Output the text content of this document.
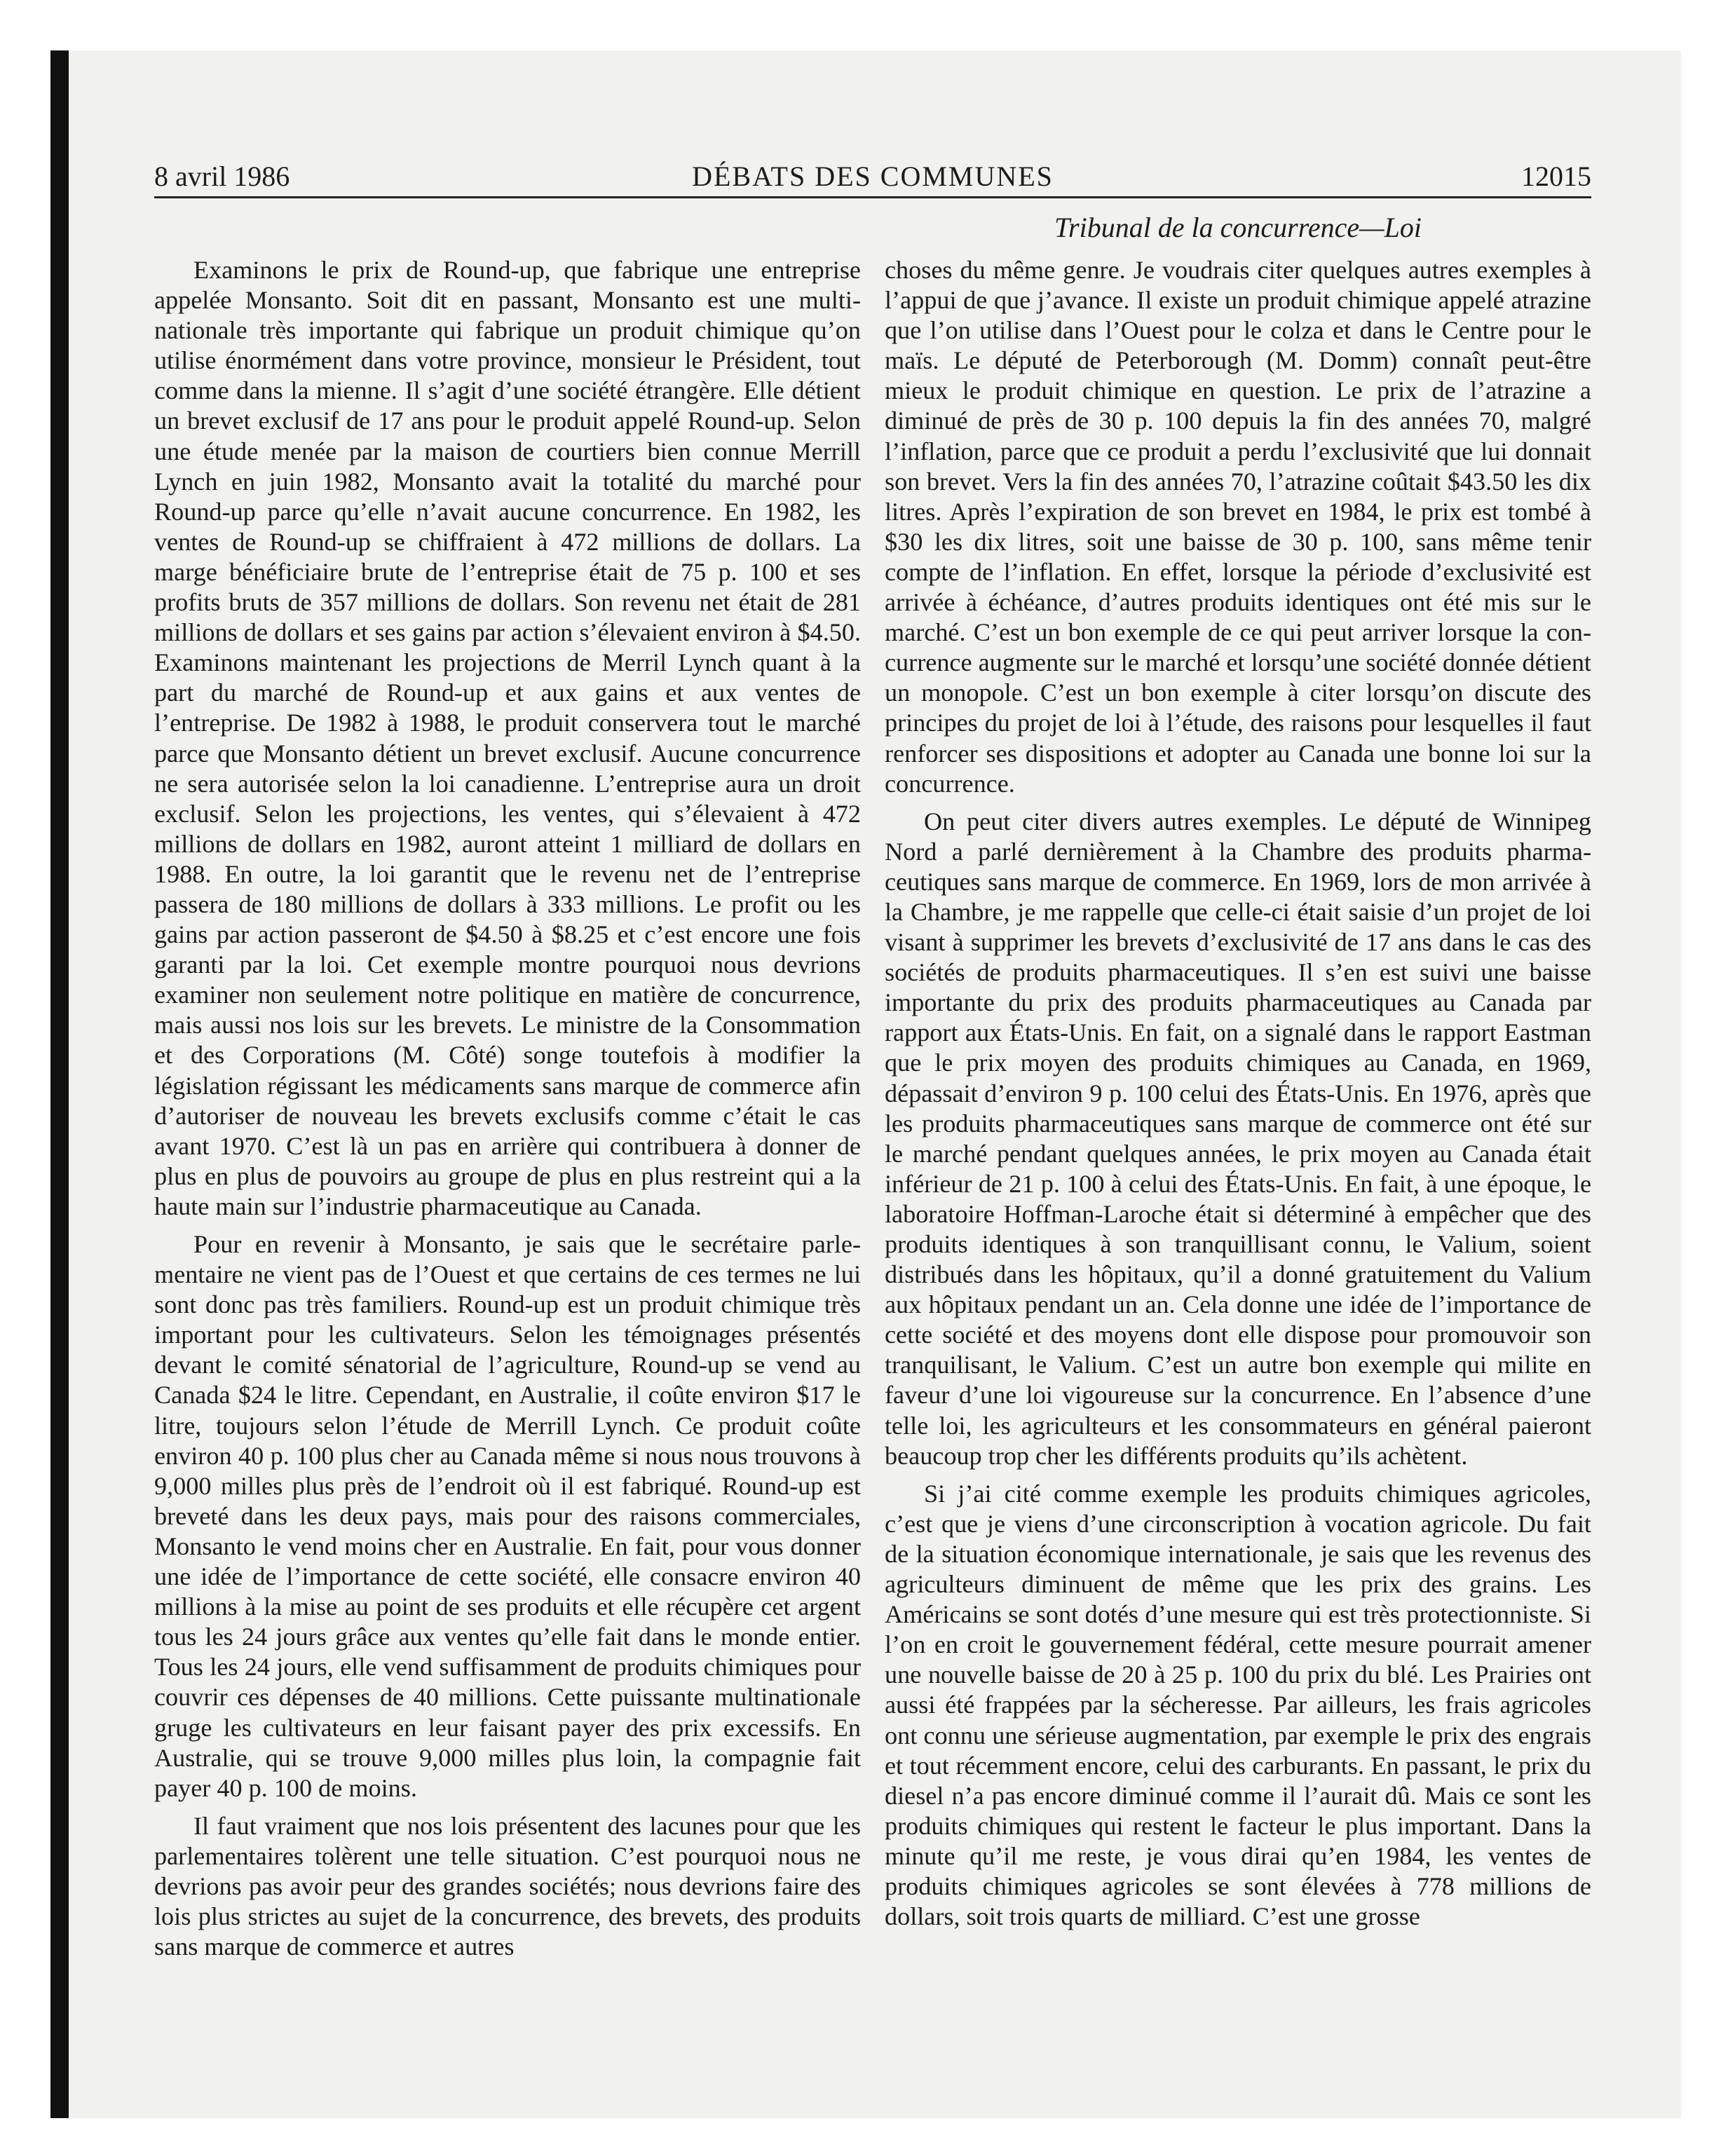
8 avril 1986	DÉBATS DES COMMUNES	12015
Tribunal de la concurrence—Loi

Examinons le prix de Round-up, que fabrique une entreprise appelée Monsanto. Soit dit en passant, Monsanto est une multinationale très importante qui fabrique un produit chimique qu’on utilise énormément dans votre province, monsieur le Président, tout comme dans la mienne. Il s’agit d’une société étrangère. Elle détient un brevet exclusif de 17 ans pour le produit appelé Round-up. Selon une étude menée par la maison de courtiers bien connue Merrill Lynch en juin 1982, Monsanto avait la totalité du marché pour Round-up parce qu’elle n’avait aucune concurrence. En 1982, les ventes de Round-up se chiffraient à 472 millions de dollars. La marge bénéficiaire brute de l’entreprise était de 75 p. 100 et ses profits bruts de 357 millions de dollars. Son revenu net était de 281 millions de dollars et ses gains par action s’élevaient environ à $4.50. Examinons maintenant les projections de Merril Lynch quant à la part du marché de Round-up et aux gains et aux ventes de l’entreprise. De 1982 à 1988, le produit conservera tout le marché parce que Monsanto détient un brevet exclusif. Aucune concurrence ne sera autorisée selon la loi canadienne. L’entreprise aura un droit exclusif. Selon les projections, les ventes, qui s’élevaient à 472 millions de dollars en 1982, auront atteint 1 milliard de dollars en 1988. En outre, la loi garantit que le revenu net de l’entreprise passera de 180 millions de dollars à 333 millions. Le profit ou les gains par action passeront de $4.50 à $8.25 et c’est encore une fois garanti par la loi. Cet exemple montre pourquoi nous devrions examiner non seulement notre politique en matière de concurrence, mais aussi nos lois sur les brevets. Le ministre de la Consommation et des Corporations (M. Côté) songe toutefois à modifier la législation régissant les médicaments sans marque de commerce afin d’autoriser de nouveau les brevets exclusifs comme c’était le cas avant 1970. C’est là un pas en arrière qui contribuera à donner de plus en plus de pouvoirs au groupe de plus en plus restreint qui a la haute main sur l’industrie pharmaceutique au Canada.

Pour en revenir à Monsanto, je sais que le secrétaire parlementaire ne vient pas de l’Ouest et que certains de ces termes ne lui sont donc pas très familiers. Round-up est un produit chimique très important pour les cultivateurs. Selon les témoignages présentés devant le comité sénatorial de l’agriculture, Round-up se vend au Canada $24 le litre. Cependant, en Australie, il coûte environ $17 le litre, toujours selon l’étude de Merrill Lynch. Ce produit coûte environ 40 p. 100 plus cher au Canada même si nous nous trouvons à 9,000 milles plus près de l’endroit où il est fabriqué. Round-up est breveté dans les deux pays, mais pour des raisons commerciales, Monsanto le vend moins cher en Australie. En fait, pour vous donner une idée de l’importance de cette société, elle consacre environ 40 millions à la mise au point de ses produits et elle récupère cet argent tous les 24 jours grâce aux ventes qu’elle fait dans le monde entier. Tous les 24 jours, elle vend suffisamment de produits chimiques pour couvrir ces dépenses de 40 millions. Cette puissante multinationale gruge les cultivateurs en leur faisant payer des prix excessifs. En Australie, qui se trouve 9,000 milles plus loin, la compagnie fait payer 40 p. 100 de moins.

Il faut vraiment que nos lois présentent des lacunes pour que les parlementaires tolèrent une telle situation. C’est pourquoi nous ne devrions pas avoir peur des grandes sociétés; nous devrions faire des lois plus strictes au sujet de la concurrence, des brevets, des produits sans marque de commerce et autres

choses du même genre. Je voudrais citer quelques autres exemples à l’appui de que j’avance. Il existe un produit chimique appelé atrazine que l’on utilise dans l’Ouest pour le colza et dans le Centre pour le maïs. Le député de Peterborough (M. Domm) connaît peut-être mieux le produit chimique en question. Le prix de l’atrazine a diminué de près de 30 p. 100 depuis la fin des années 70, malgré l’inflation, parce que ce produit a perdu l’exclusivité que lui donnait son brevet. Vers la fin des années 70, l’atrazine coûtait $43.50 les dix litres. Après l’expiration de son brevet en 1984, le prix est tombé à $30 les dix litres, soit une baisse de 30 p. 100, sans même tenir compte de l’inflation. En effet, lorsque la période d’exclusivité est arrivée à échéance, d’autres produits identiques ont été mis sur le marché. C’est un bon exemple de ce qui peut arriver lorsque la concurrence augmente sur le marché et lorsqu’une société donnée détient un monopole. C’est un bon exemple à citer lorsqu’on discute des principes du projet de loi à l’étude, des raisons pour lesquelles il faut renforcer ses dispositions et adopter au Canada une bonne loi sur la concurrence.

On peut citer divers autres exemples. Le député de Winnipeg Nord a parlé dernièrement à la Chambre des produits pharmaceutiques sans marque de commerce. En 1969, lors de mon arrivée à la Chambre, je me rappelle que celle-ci était saisie d’un projet de loi visant à supprimer les brevets d’exclusivité de 17 ans dans le cas des sociétés de produits pharmaceutiques. Il s’en est suivi une baisse importante du prix des produits pharmaceutiques au Canada par rapport aux États-Unis. En fait, on a signalé dans le rapport Eastman que le prix moyen des produits chimiques au Canada, en 1969, dépassait d’environ 9 p. 100 celui des États-Unis. En 1976, après que les produits pharmaceutiques sans marque de commerce ont été sur le marché pendant quelques années, le prix moyen au Canada était inférieur de 21 p. 100 à celui des États-Unis. En fait, à une époque, le laboratoire Hoffman-Laroche était si déterminé à empêcher que des produits identiques à son tranquillisant connu, le Valium, soient distribués dans les hôpitaux, qu’il a donné gratuitement du Valium aux hôpitaux pendant un an. Cela donne une idée de l’importance de cette société et des moyens dont elle dispose pour promouvoir son tranquilisant, le Valium. C’est un autre bon exemple qui milite en faveur d’une loi vigoureuse sur la concurrence. En l’absence d’une telle loi, les agriculteurs et les consommateurs en général paieront beaucoup trop cher les différents produits qu’ils achètent.

Si j’ai cité comme exemple les produits chimiques agricoles, c’est que je viens d’une circonscription à vocation agricole. Du fait de la situation économique internationale, je sais que les revenus des agriculteurs diminuent de même que les prix des grains. Les Américains se sont dotés d’une mesure qui est très protectionniste. Si l’on en croit le gouvernement fédéral, cette mesure pourrait amener une nouvelle baisse de 20 à 25 p. 100 du prix du blé. Les Prairies ont aussi été frappées par la sécheresse. Par ailleurs, les frais agricoles ont connu une sérieuse augmentation, par exemple le prix des engrais et tout récemment encore, celui des carburants. En passant, le prix du diesel n’a pas encore diminué comme il l’aurait dû. Mais ce sont les produits chimiques qui restent le facteur le plus important. Dans la minute qu’il me reste, je vous dirai qu’en 1984, les ventes de produits chimiques agricoles se sont élevées à 778 millions de dollars, soit trois quarts de milliard. C’est une grosse
